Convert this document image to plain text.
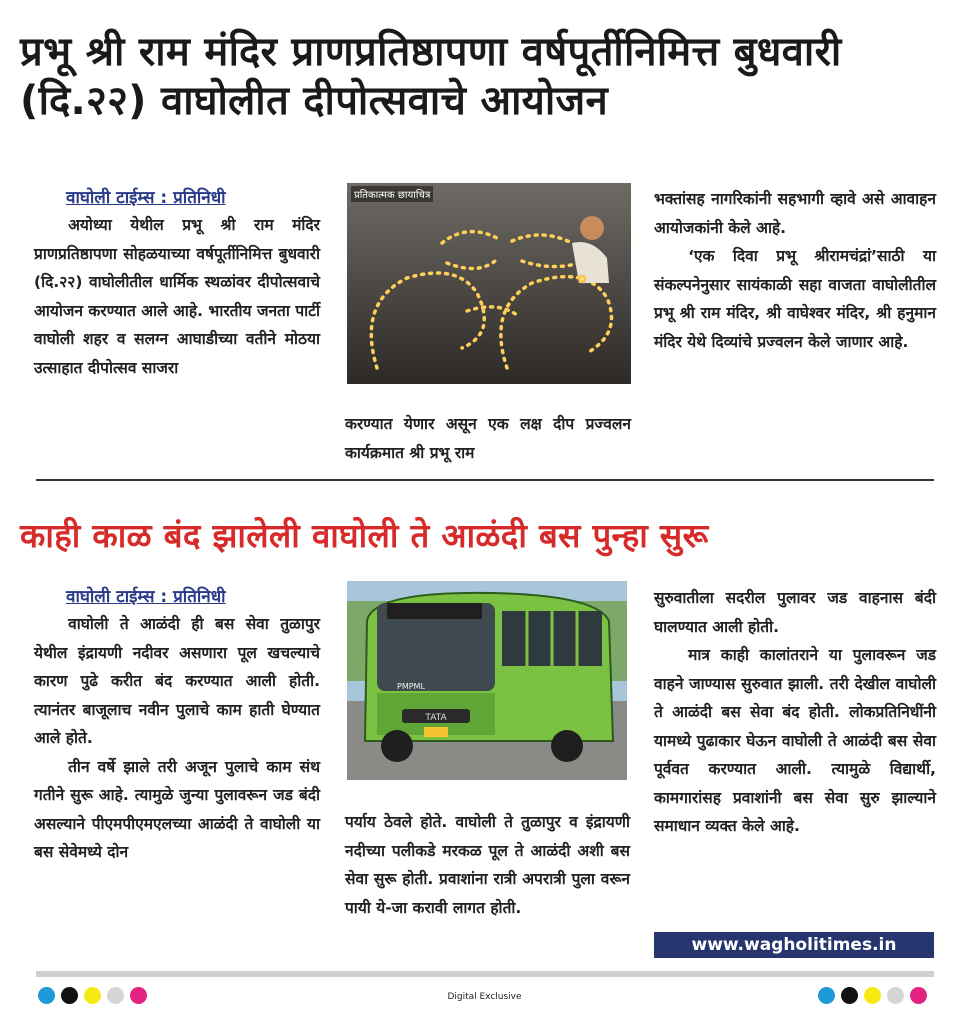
प्रभू श्री राम मंदिर प्राणप्रतिष्ठापणा वर्षपूर्तीनिमित्त बुधवारी (दि.२२) वाघोलीत दीपोत्सवाचे आयोजन
वाघोली टाईम्स : प्रतिनिधी

अयोध्या येथील प्रभू श्री राम मंदिर प्राणप्रतिष्ठापणा सोहळयाच्या वर्षपूर्तीनिमित्त बुधवारी (दि.२२) वाघोलीतील धार्मिक स्थळांवर दीपोत्सवाचे आयोजन करण्यात आले आहे. भारतीय जनता पार्टी वाघोली शहर व सलग्न आघाडीच्या वतीने मोठया उत्साहात दीपोत्सव साजरा

प्रतिकात्मक छायाचित्र

करण्यात येणार असून एक लक्ष दीप प्रज्वलन कार्यक्रमात श्री प्रभू राम

भक्तांसह नागरिकांनी सहभागी व्हावे असे आवाहन आयोजकांनी केले आहे.

‘एक दिवा प्रभू श्रीरामचंद्रां’साठी या संकल्पनेनुसार सायंकाळी सहा वाजता वाघोलीतील प्रभू श्री राम मंदिर, श्री वाघेश्वर मंदिर, श्री हनुमान मंदिर येथे दिव्यांचे प्रज्वलन केले जाणार आहे.

काही काळ बंद झालेली वाघोली ते आळंदी बस पुन्हा सुरू
वाघोली टाईम्स : प्रतिनिधी

वाघोली ते आळंदी ही बस सेवा तुळापुर येथील इंद्रायणी नदीवर असणारा पूल खचल्याचे कारण पुढे करीत बंद करण्यात आली होती. त्यानंतर बाजूलाच नवीन पुलाचे काम हाती घेण्यात आले होते.

तीन वर्षे झाले तरी अजून पुलाचे काम संथ गतीने सुरू आहे. त्यामुळे जुन्या पुलावरून जड बंदी असल्याने पीएमपीएमएलच्या आळंदी ते वाघोली या बस सेवेमध्ये दोन

TATA
PMPML

पर्याय ठेवले होते. वाघोली ते तुळापुर व इंद्रायणी नदीच्या पलीकडे मरकळ पूल ते आळंदी अशी बस सेवा सुरू होती. प्रवाशांना रात्री अपरात्री पुला वरून पायी ये-जा करावी लागत होती.

सुरुवातीला सदरील पुलावर जड वाहनास बंदी घालण्यात आली होती.

मात्र काही कालांतराने या पुलावरून जड वाहने जाण्यास सुरुवात झाली. तरी देखील वाघोली ते आळंदी बस सेवा बंद होती. लोकप्रतिनिधींनी यामध्ये पुढाकार घेऊन वाघोली ते आळंदी बस सेवा पूर्ववत करण्यात आली. त्यामुळे विद्यार्थी, कामगारांसह प्रवाशांनी बस सेवा सुरु झाल्याने समाधान व्यक्त केले आहे.

www.wagholitimes.in
Digital Exclusive
